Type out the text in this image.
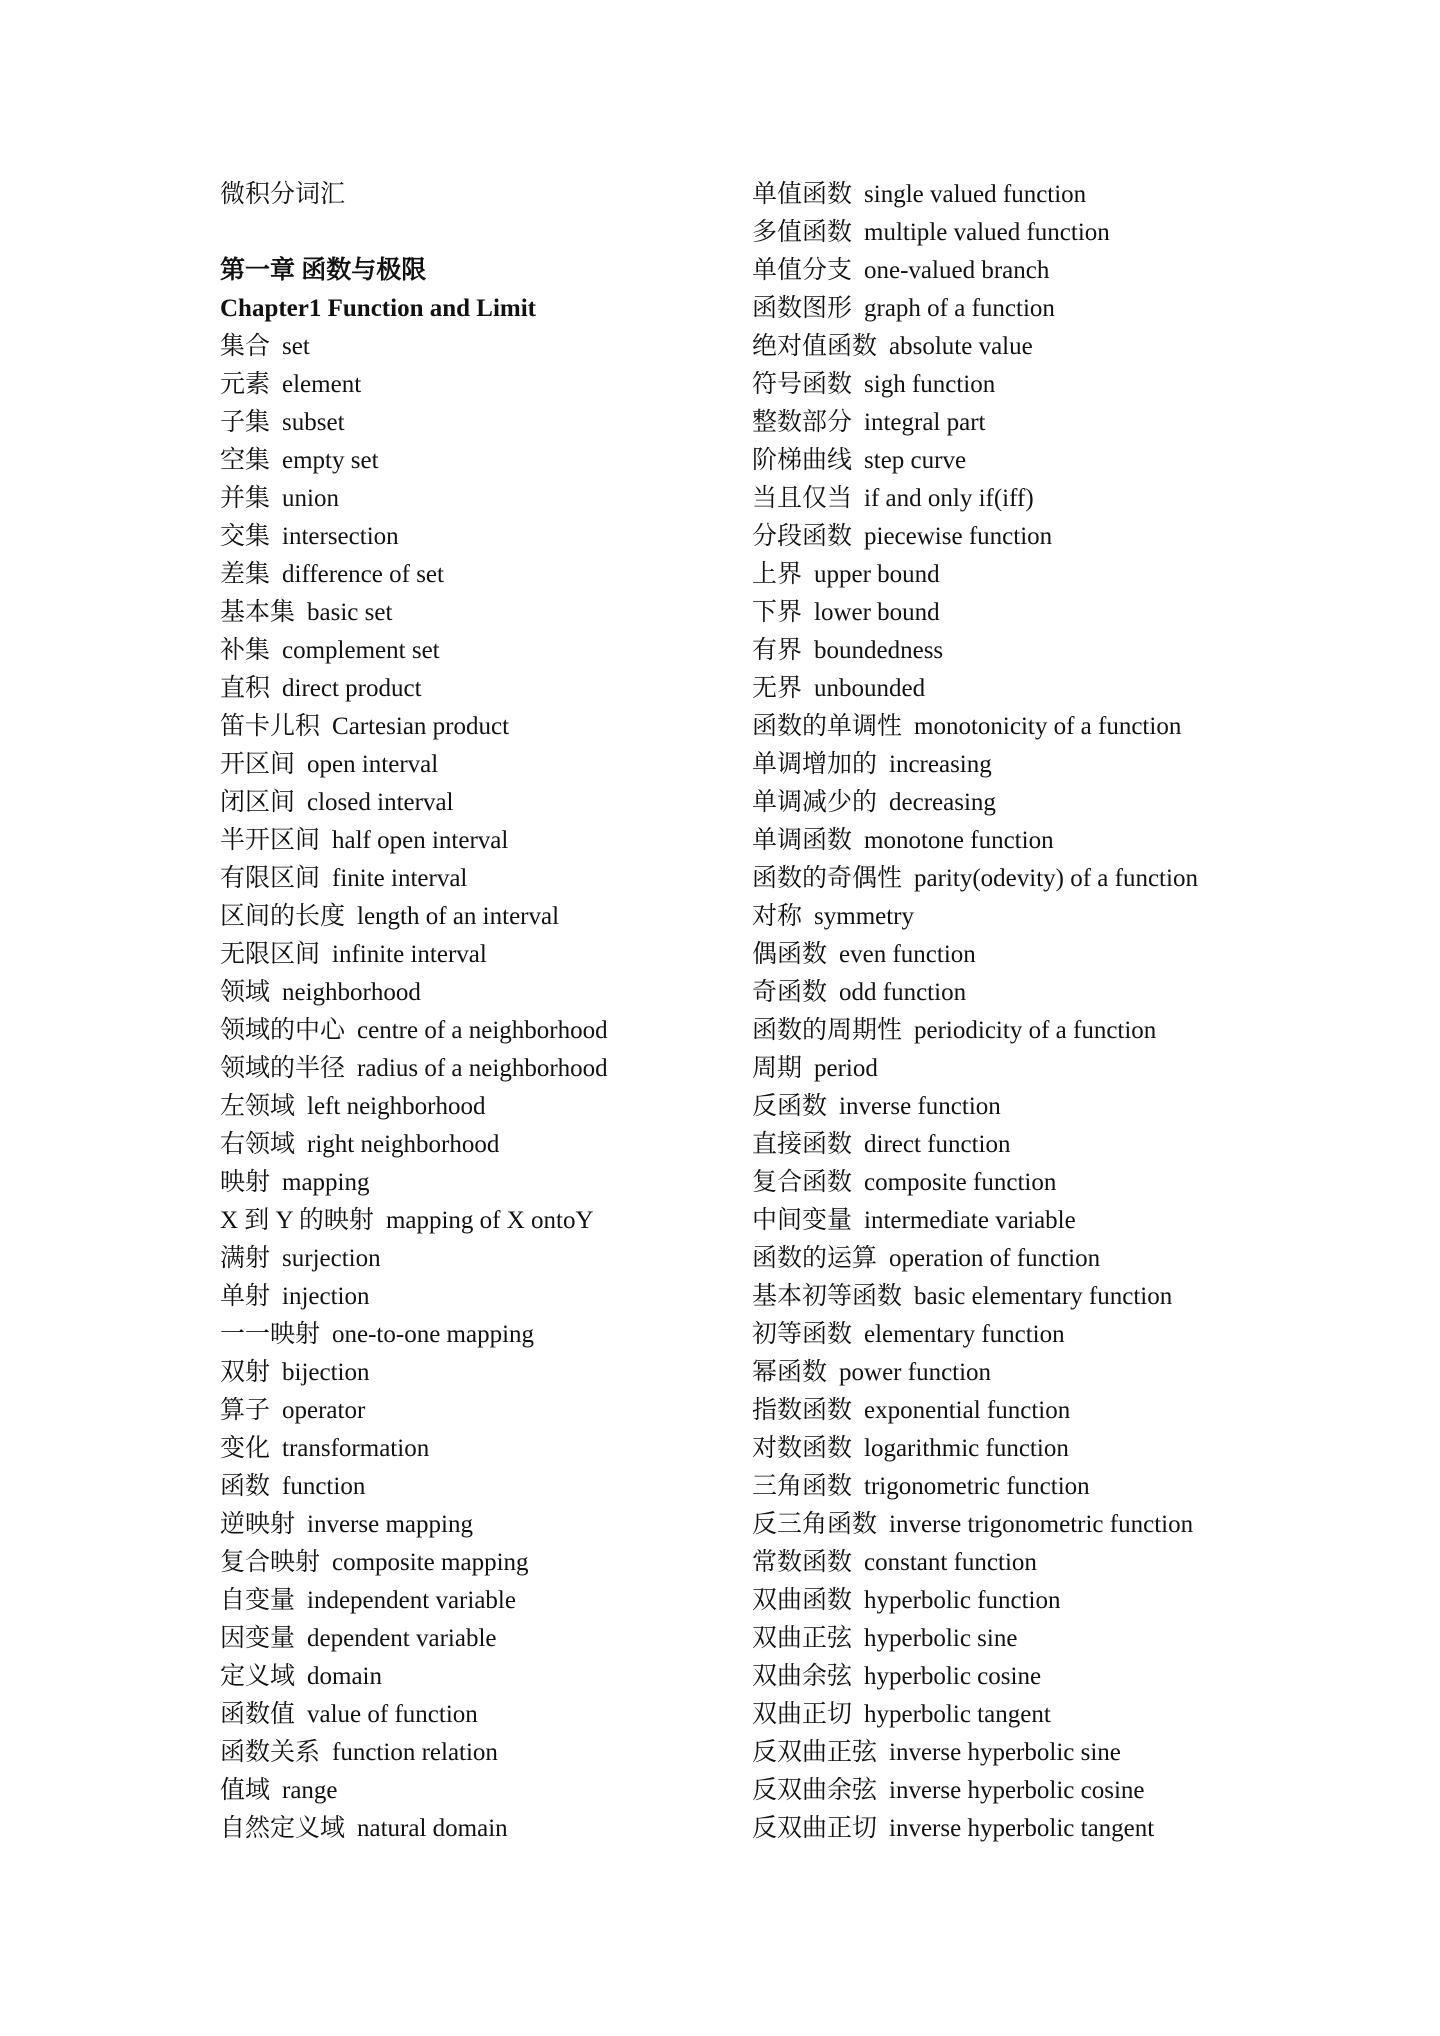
微积分词汇
第一章 函数与极限
Chapter1 Function and Limit
集合 set
元素 element
子集 subset
空集 empty set
并集 union
交集 intersection
差集 difference of set
基本集 basic set
补集 complement set
直积 direct product
笛卡儿积 Cartesian product
开区间 open interval
闭区间 closed interval
半开区间 half open interval
有限区间 finite interval
区间的长度 length of an interval
无限区间 infinite interval
领域 neighborhood
领域的中心 centre of a neighborhood
领域的半径 radius of a neighborhood
左领域 left neighborhood
右领域 right neighborhood
映射 mapping
X 到 Y 的映射 mapping of X ontoY
满射 surjection
单射 injection
一一映射 one-to-one mapping
双射 bijection
算子 operator
变化 transformation
函数 function
逆映射 inverse mapping
复合映射 composite mapping
自变量 independent variable
因变量 dependent variable
定义域 domain
函数值 value of function
函数关系 function relation
值域 range
自然定义域 natural domain
单值函数 single valued function
多值函数 multiple valued function
单值分支 one-valued branch
函数图形 graph of a function
绝对值函数 absolute value
符号函数 sigh function
整数部分 integral part
阶梯曲线 step curve
当且仅当 if and only if(iff)
分段函数 piecewise function
上界 upper bound
下界 lower bound
有界 boundedness
无界 unbounded
函数的单调性 monotonicity of a function
单调增加的 increasing
单调减少的 decreasing
单调函数 monotone function
函数的奇偶性 parity(odevity) of a function
对称 symmetry
偶函数 even function
奇函数 odd function
函数的周期性 periodicity of a function
周期 period
反函数 inverse function
直接函数 direct function
复合函数 composite function
中间变量 intermediate variable
函数的运算 operation of function
基本初等函数 basic elementary function
初等函数 elementary function
幂函数 power function
指数函数 exponential function
对数函数 logarithmic function
三角函数 trigonometric function
反三角函数 inverse trigonometric function
常数函数 constant function
双曲函数 hyperbolic function
双曲正弦 hyperbolic sine
双曲余弦 hyperbolic cosine
双曲正切 hyperbolic tangent
反双曲正弦 inverse hyperbolic sine
反双曲余弦 inverse hyperbolic cosine
反双曲正切 inverse hyperbolic tangent
